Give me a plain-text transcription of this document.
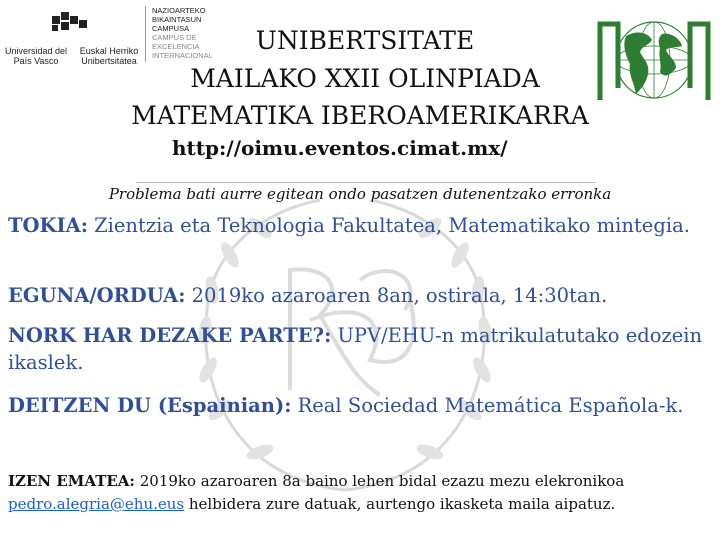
Universidad del País Vasco
Euskal Herriko Unibertsitatea
NAZIOARTEKO
BIKAINTASUN
CAMPUSA
CAMPUS DE
EXCELENCIA
INTERNACIONAL
UNIBERTSITATE
MAILAKO XXII OLINPIADA
MATEMATIKA IBEROAMERIKARRA
http://oimu.eventos.cimat.mx/
Problema bati aurre egitean ondo pasatzen dutenentzako erronka
TOKIA: Zientzia eta Teknologia Fakultatea, Matematikako mintegia.
EGUNA/ORDUA: 2019ko azaroaren 8an, ostirala, 14:30tan.
NORK HAR DEZAKE PARTE?: UPV/EHU-n matrikulatutako edozein ikaslek.
DEITZEN DU (Espainian): Real Sociedad Matemática Española-k.
IZEN EMATEA: 2019ko azaroaren 8a baino lehen bidal ezazu mezu elekronikoa
pedro.alegria@ehu.eus helbidera zure datuak, aurtengo ikasketa maila aipatuz.
